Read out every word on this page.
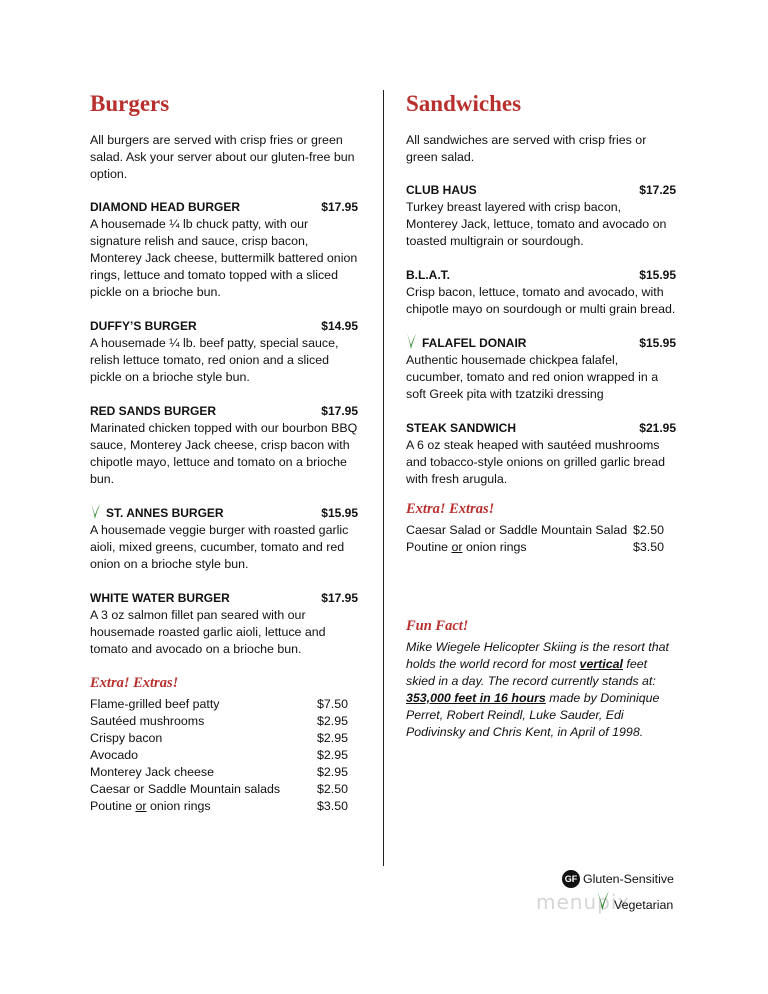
Burgers

All burgers are served with crisp fries or green salad. Ask your server about our gluten-free bun option.

DIAMOND HEAD BURGER	$17.95

A housemade ¼ lb chuck patty, with our signature relish and sauce, crisp bacon, Monterey Jack cheese, buttermilk battered onion rings, lettuce and tomato topped with a sliced pickle on a brioche bun.

DUFFY’S BURGER	$14.95

A housemade ¼ lb. beef patty, special sauce, relish lettuce tomato, red onion and a sliced pickle on a brioche style bun.

RED SANDS BURGER	$17.95

Marinated chicken topped with our bourbon BBQ sauce, Monterey Jack cheese, crisp bacon with chipotle mayo, lettuce and tomato on a brioche bun.

ST. ANNES BURGER	$15.95

A housemade veggie burger with roasted garlic aioli, mixed greens, cucumber, tomato and red onion on a brioche style bun.

WHITE WATER BURGER	$17.95

A 3 oz salmon fillet pan seared with our housemade roasted garlic aioli, lettuce and tomato and avocado on a brioche bun.

Extra! Extras!

Flame-grilled beef patty	$7.50
Sautéed mushrooms	$2.95
Crispy bacon	$2.95
Avocado	$2.95
Monterey Jack cheese	$2.95
Caesar or Saddle Mountain salads	$2.50
Poutine or onion rings	$3.50
Sandwiches

All sandwiches are served with crisp fries or green salad.

CLUB HAUS	$17.25

Turkey breast layered with crisp bacon, Monterey Jack, lettuce, tomato and avocado on toasted multigrain or sourdough.

B.L.A.T.	$15.95

Crisp bacon, lettuce, tomato and avocado, with chipotle mayo on sourdough or multi grain bread.

FALAFEL DONAIR	$15.95

Authentic housemade chickpea falafel, cucumber, tomato and red onion wrapped in a soft Greek pita with tzatziki dressing

STEAK SANDWICH	$21.95

A 6 oz steak heaped with sautéed mushrooms and tobacco-style onions on grilled garlic bread with fresh arugula.

Extra! Extras!

Caesar Salad or Saddle Mountain Salad $2.50
Poutine or onion rings	$3.50

Fun Fact!

Mike Wiegele Helicopter Skiing is the resort that holds the world record for most vertical feet skied in a day. The record currently stands at: 353,000 feet in 16 hours made by Dominique Perret, Robert Reindl, Luke Sauder, Edi Podivinsky and Chris Kent, in April of 1998.

menupix
GF Gluten-Sensitive
Vegetarian
